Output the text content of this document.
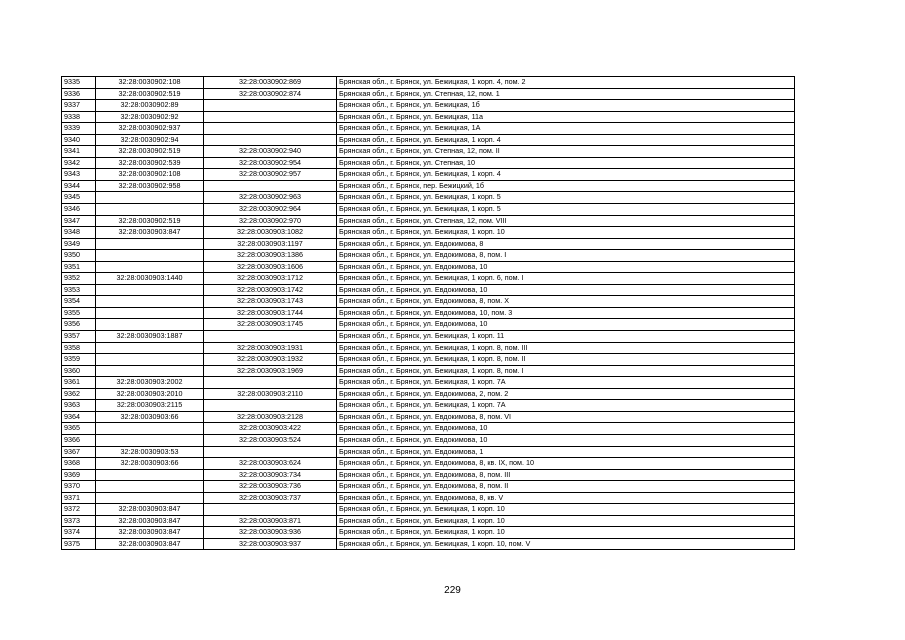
9335	32:28:0030902:108	32:28:0030902:869	Брянская обл., г. Брянск, ул. Бежицкая, 1 корп. 4, пом. 2
9336	32:28:0030902:519	32:28:0030902:874	Брянская обл., г. Брянск, ул. Степная, 12, пом. 1
9337	32:28:0030902:89		Брянская обл., г. Брянск, ул. Бежицкая, 1б
9338	32:28:0030902:92		Брянская обл., г. Брянск, ул. Бежицкая, 11а
9339	32:28:0030902:937		Брянская обл., г. Брянск, ул. Бежицкая, 1А
9340	32:28:0030902:94		Брянская обл., г. Брянск, ул. Бежицкая, 1 корп. 4
9341	32:28:0030902:519	32:28:0030902:940	Брянская обл., г. Брянск, ул. Степная, 12, пом. II
9342	32:28:0030902:539	32:28:0030902:954	Брянская обл., г. Брянск, ул. Степная, 10
9343	32:28:0030902:108	32:28:0030902:957	Брянская обл., г. Брянск, ул. Бежицкая, 1 корп. 4
9344	32:28:0030902:958		Брянская обл., г. Брянск, пер. Бежицкий, 1б
9345		32:28:0030902:963	Брянская обл., г. Брянск, ул. Бежицкая, 1 корп. 5
9346		32:28:0030902:964	Брянская обл., г. Брянск, ул. Бежицкая, 1 корп. 5
9347	32:28:0030902:519	32:28:0030902:970	Брянская обл., г. Брянск, ул. Степная, 12, пом. VIII
9348	32:28:0030903:847	32:28:0030903:1082	Брянская обл., г. Брянск, ул. Бежицкая, 1 корп. 10
9349		32:28:0030903:1197	Брянская обл., г. Брянск, ул. Евдокимова, 8
9350		32:28:0030903:1386	Брянская обл., г. Брянск, ул. Евдокимова, 8, пом. I
9351		32:28:0030903:1606	Брянская обл., г. Брянск, ул. Евдокимова, 10
9352	32:28:0030903:1440	32:28:0030903:1712	Брянская обл., г. Брянск, ул. Бежицкая, 1 корп. 6, пом. I
9353		32:28:0030903:1742	Брянская обл., г. Брянск, ул. Евдокимова, 10
9354		32:28:0030903:1743	Брянская обл., г. Брянск, ул. Евдокимова, 8, пом. X
9355		32:28:0030903:1744	Брянская обл., г. Брянск, ул. Евдокимова, 10, пом. 3
9356		32:28:0030903:1745	Брянская обл., г. Брянск, ул. Евдокимова, 10
9357	32:28:0030903:1887		Брянская обл., г. Брянск, ул. Бежицкая, 1 корп. 11
9358		32:28:0030903:1931	Брянская обл., г. Брянск, ул. Бежицкая, 1 корп. 8, пом. III
9359		32:28:0030903:1932	Брянская обл., г. Брянск, ул. Бежицкая, 1 корп. 8, пом. II
9360		32:28:0030903:1969	Брянская обл., г. Брянск, ул. Бежицкая, 1 корп. 8, пом. I
9361	32:28:0030903:2002		Брянская обл., г. Брянск, ул. Бежицкая, 1 корп. 7А
9362	32:28:0030903:2010	32:28:0030903:2110	Брянская обл., г. Брянск, ул. Евдокимова, 2, пом. 2
9363	32:28:0030903:2115		Брянская обл., г. Брянск, ул. Бежицкая, 1 корп. 7А
9364	32:28:0030903:66	32:28:0030903:2128	Брянская обл., г. Брянск, ул. Евдокимова, 8, пом. VI
9365		32:28:0030903:422	Брянская обл., г. Брянск, ул. Евдокимова, 10
9366		32:28:0030903:524	Брянская обл., г. Брянск, ул. Евдокимова, 10
9367	32:28:0030903:53		Брянская обл., г. Брянск, ул. Евдокимова, 1
9368	32:28:0030903:66	32:28:0030903:624	Брянская обл., г. Брянск, ул. Евдокимова, 8, кв. IX, пом. 10
9369		32:28:0030903:734	Брянская обл., г. Брянск, ул. Евдокимова, 8, пом. III
9370		32:28:0030903:736	Брянская обл., г. Брянск, ул. Евдокимова, 8, пом. II
9371		32:28:0030903:737	Брянская обл., г. Брянск, ул. Евдокимова, 8, кв. V
9372	32:28:0030903:847		Брянская обл., г. Брянск, ул. Бежицкая, 1 корп. 10
9373	32:28:0030903:847	32:28:0030903:871	Брянская обл., г. Брянск, ул. Бежицкая, 1 корп. 10
9374	32:28:0030903:847	32:28:0030903:936	Брянская обл., г. Брянск, ул. Бежицкая, 1 корп. 10
9375	32:28:0030903:847	32:28:0030903:937	Брянская обл., г. Брянск, ул. Бежицкая, 1 корп. 10, пом. V
229
